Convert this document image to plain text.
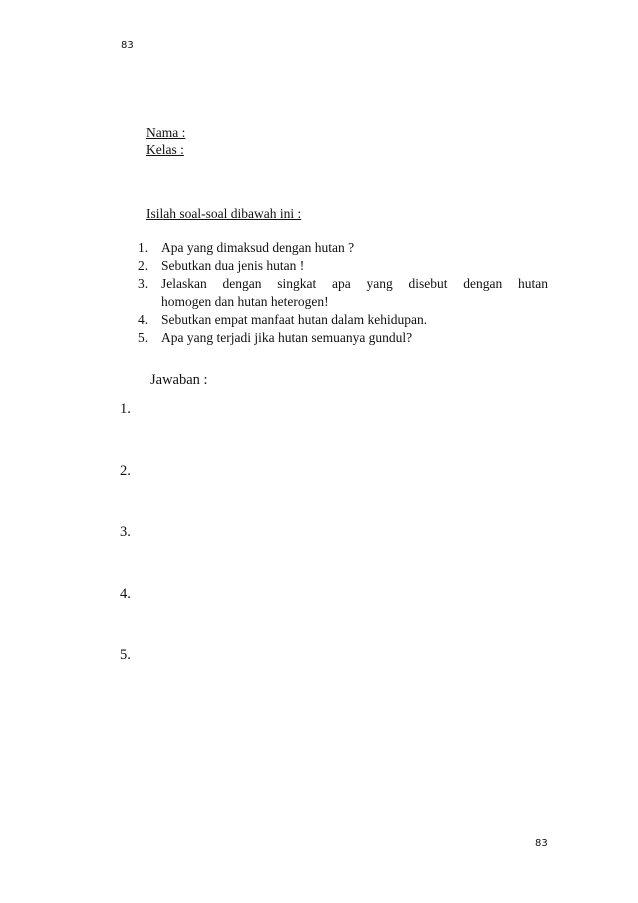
83
Nama :
Kelas :
Isilah soal-soal dibawah ini :
1. Apa yang dimaksud dengan hutan ?
2. Sebutkan dua jenis hutan !
3. Jelaskan dengan singkat apa yang disebut dengan hutan
homogen dan hutan heterogen!
4. Sebutkan empat manfaat hutan dalam kehidupan.
5. Apa yang terjadi jika hutan semuanya gundul?
Jawaban :
1.
2.
3.
4.
5.
83
